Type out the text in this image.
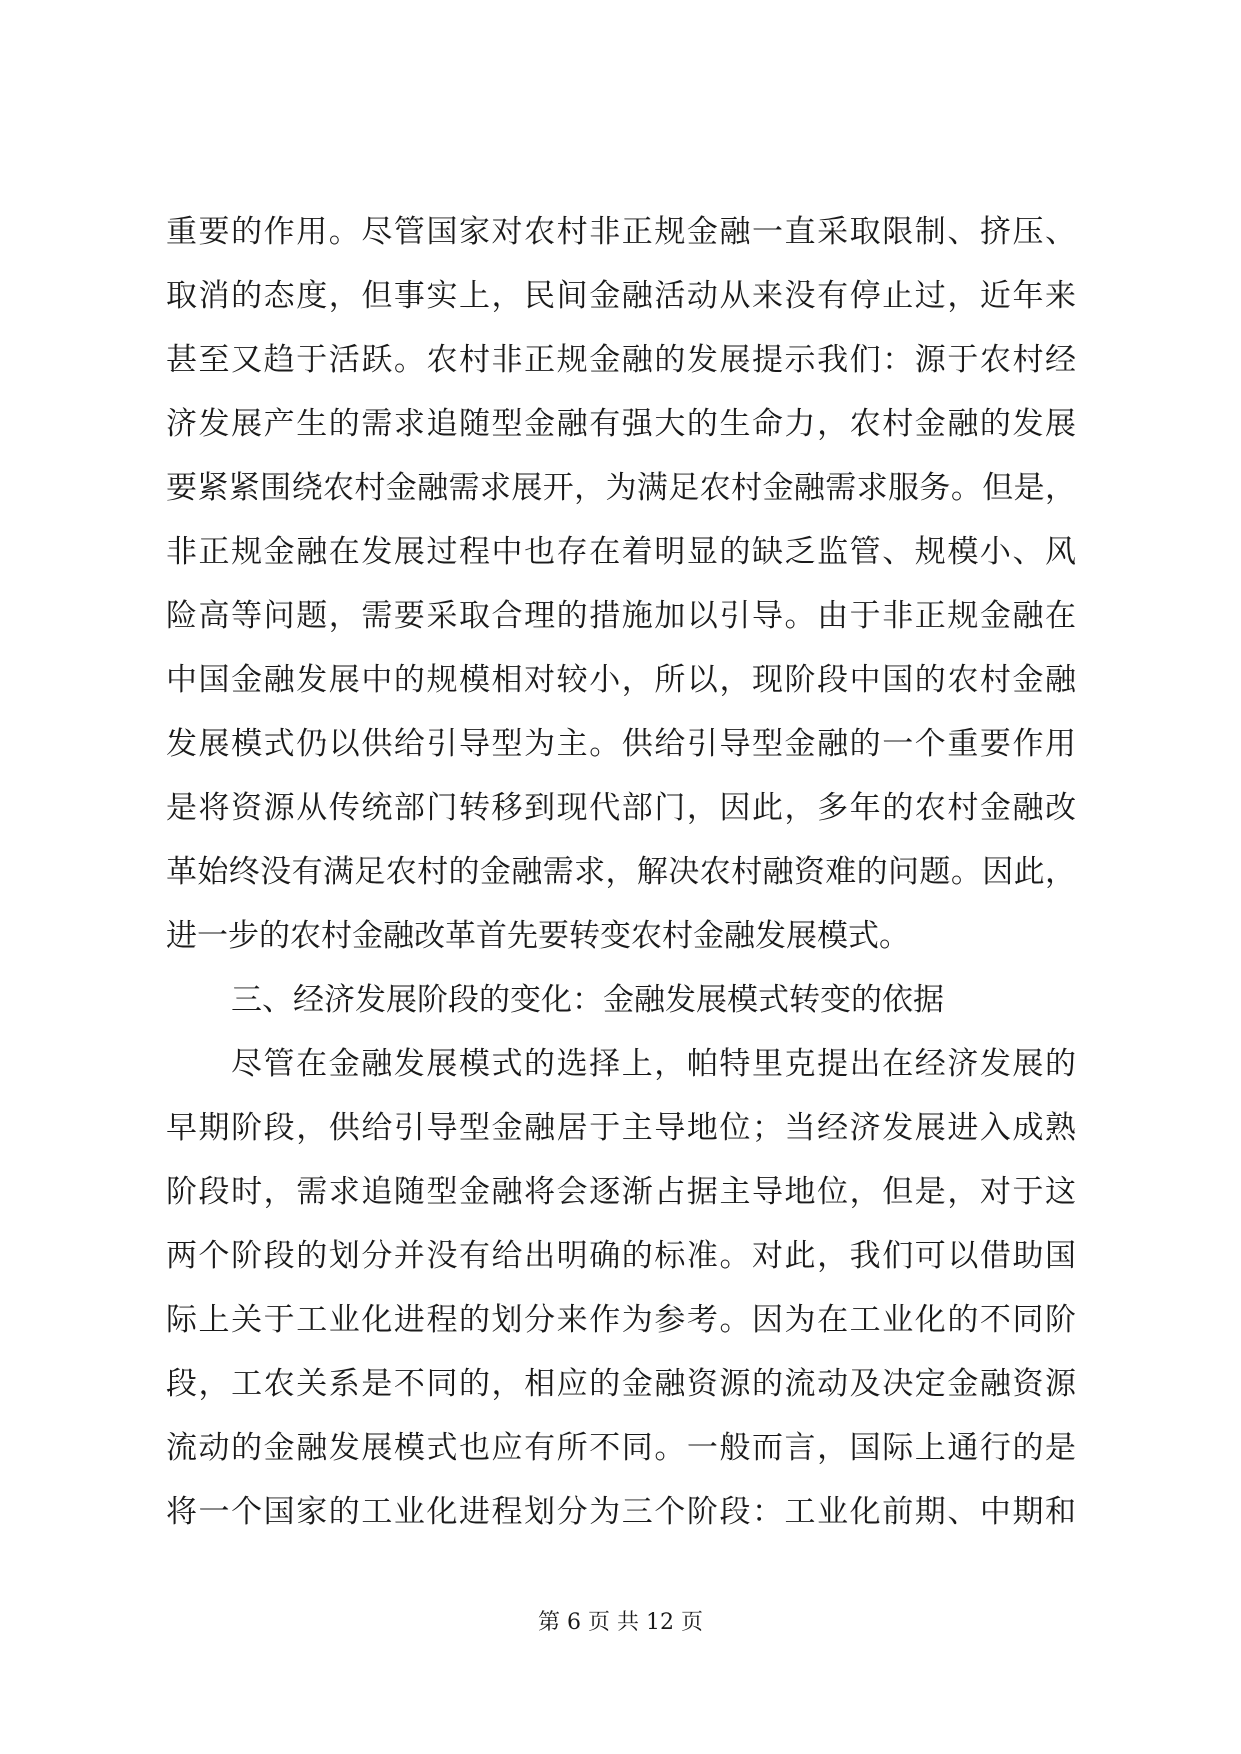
重要的作用。尽管国家对农村非正规金融一直采取限制、挤压、
取消的态度，但事实上，民间金融活动从来没有停止过，近年来
甚至又趋于活跃。农村非正规金融的发展提示我们：源于农村经
济发展产生的需求追随型金融有强大的生命力，农村金融的发展
要紧紧围绕农村金融需求展开，为满足农村金融需求服务。但是，
非正规金融在发展过程中也存在着明显的缺乏监管、规模小、风
险高等问题，需要采取合理的措施加以引导。由于非正规金融在
中国金融发展中的规模相对较小，所以，现阶段中国的农村金融
发展模式仍以供给引导型为主。供给引导型金融的一个重要作用
是将资源从传统部门转移到现代部门，因此，多年的农村金融改
革始终没有满足农村的金融需求，解决农村融资难的问题。因此，
进一步的农村金融改革首先要转变农村金融发展模式。
三、经济发展阶段的变化：金融发展模式转变的依据
尽管在金融发展模式的选择上，帕特里克提出在经济发展的
早期阶段，供给引导型金融居于主导地位；当经济发展进入成熟
阶段时，需求追随型金融将会逐渐占据主导地位，但是，对于这
两个阶段的划分并没有给出明确的标准。对此，我们可以借助国
际上关于工业化进程的划分来作为参考。因为在工业化的不同阶
段，工农关系是不同的，相应的金融资源的流动及决定金融资源
流动的金融发展模式也应有所不同。一般而言，国际上通行的是
将一个国家的工业化进程划分为三个阶段：工业化前期、中期和
第 6 页 共 12 页
